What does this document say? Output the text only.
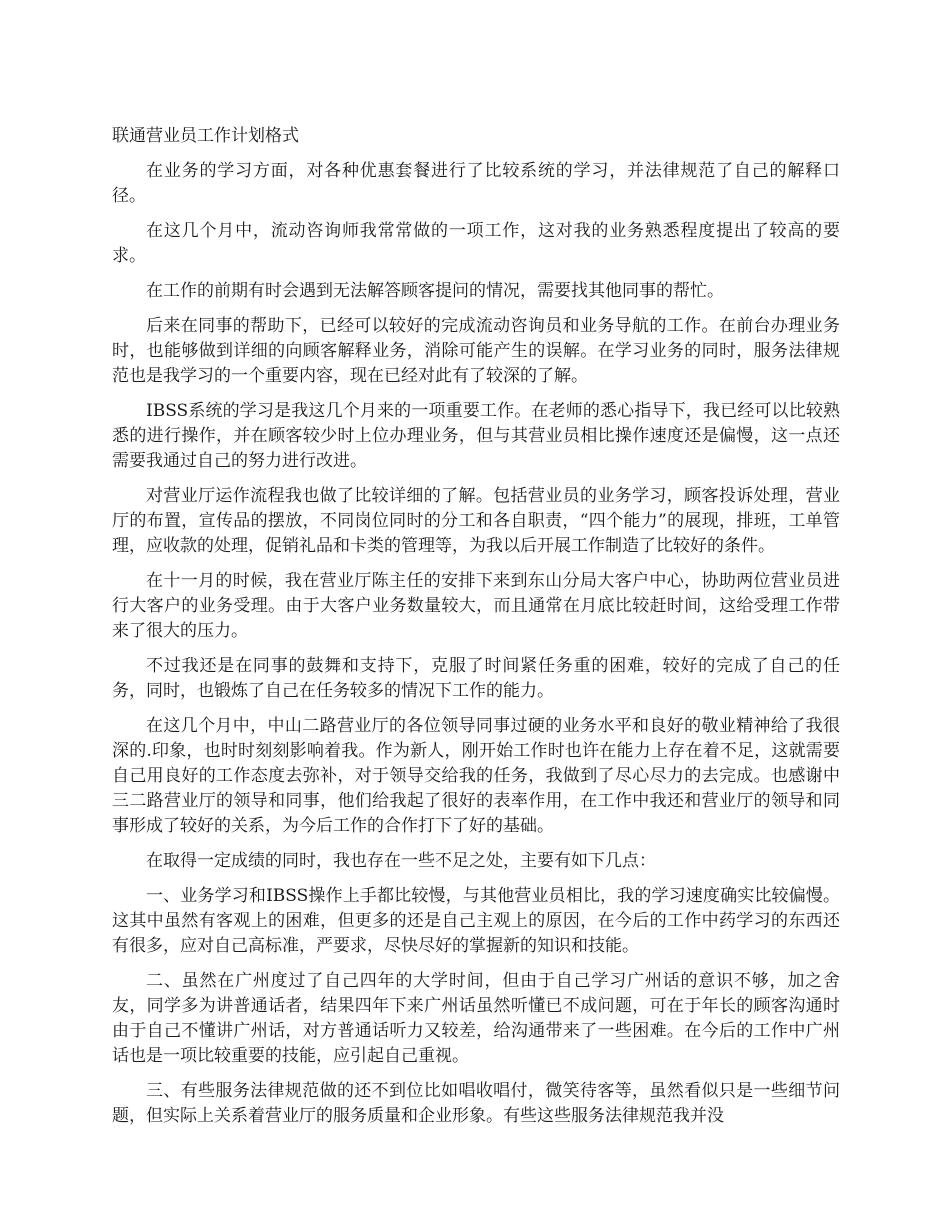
联通营业员工作计划格式

在业务的学习方面，对各种优惠套餐进行了比较系统的学习，并法律规范了自己的解释口径。

在这几个月中，流动咨询师我常常做的一项工作，这对我的业务熟悉程度提出了较高的要求。

在工作的前期有时会遇到无法解答顾客提问的情况，需要找其他同事的帮忙。

后来在同事的帮助下，已经可以较好的完成流动咨询员和业务导航的工作。在前台办理业务时，也能够做到详细的向顾客解释业务，消除可能产生的误解。在学习业务的同时，服务法律规范也是我学习的一个重要内容，现在已经对此有了较深的了解。

IBSS系统的学习是我这几个月来的一项重要工作。在老师的悉心指导下，我已经可以比较熟悉的进行操作，并在顾客较少时上位办理业务，但与其营业员相比操作速度还是偏慢，这一点还需要我通过自己的努力进行改进。

对营业厅运作流程我也做了比较详细的了解。包括营业员的业务学习，顾客投诉处理，营业厅的布置，宣传品的摆放，不同岗位同时的分工和各自职责，“四个能力”的展现，排班，工单管理，应收款的处理，促销礼品和卡类的管理等，为我以后开展工作制造了比较好的条件。

在十一月的时候，我在营业厅陈主任的安排下来到东山分局大客户中心，协助两位营业员进行大客户的业务受理。由于大客户业务数量较大，而且通常在月底比较赶时间，这给受理工作带来了很大的压力。

不过我还是在同事的鼓舞和支持下，克服了时间紧任务重的困难，较好的完成了自己的任务，同时，也锻炼了自己在任务较多的情况下工作的能力。

在这几个月中，中山二路营业厅的各位领导同事过硬的业务水平和良好的敬业精神给了我很深的.印象，也时时刻刻影响着我。作为新人，刚开始工作时也许在能力上存在着不足，这就需要自己用良好的工作态度去弥补，对于领导交给我的任务，我做到了尽心尽力的去完成。也感谢中三二路营业厅的领导和同事，他们给我起了很好的表率作用，在工作中我还和营业厅的领导和同事形成了较好的关系，为今后工作的合作打下了好的基础。

在取得一定成绩的同时，我也存在一些不足之处，主要有如下几点：

一、业务学习和IBSS操作上手都比较慢，与其他营业员相比，我的学习速度确实比较偏慢。这其中虽然有客观上的困难，但更多的还是自己主观上的原因，在今后的工作中药学习的东西还有很多，应对自己高标准，严要求，尽快尽好的掌握新的知识和技能。

二、虽然在广州度过了自己四年的大学时间，但由于自己学习广州话的意识不够，加之舍友，同学多为讲普通话者，结果四年下来广州话虽然听懂已不成问题，可在于年长的顾客沟通时由于自己不懂讲广州话，对方普通话听力又较差，给沟通带来了一些困难。在今后的工作中广州话也是一项比较重要的技能，应引起自己重视。

三、有些服务法律规范做的还不到位比如唱收唱付，微笑待客等，虽然看似只是一些细节问题，但实际上关系着营业厅的服务质量和企业形象。有些这些服务法律规范我并没
